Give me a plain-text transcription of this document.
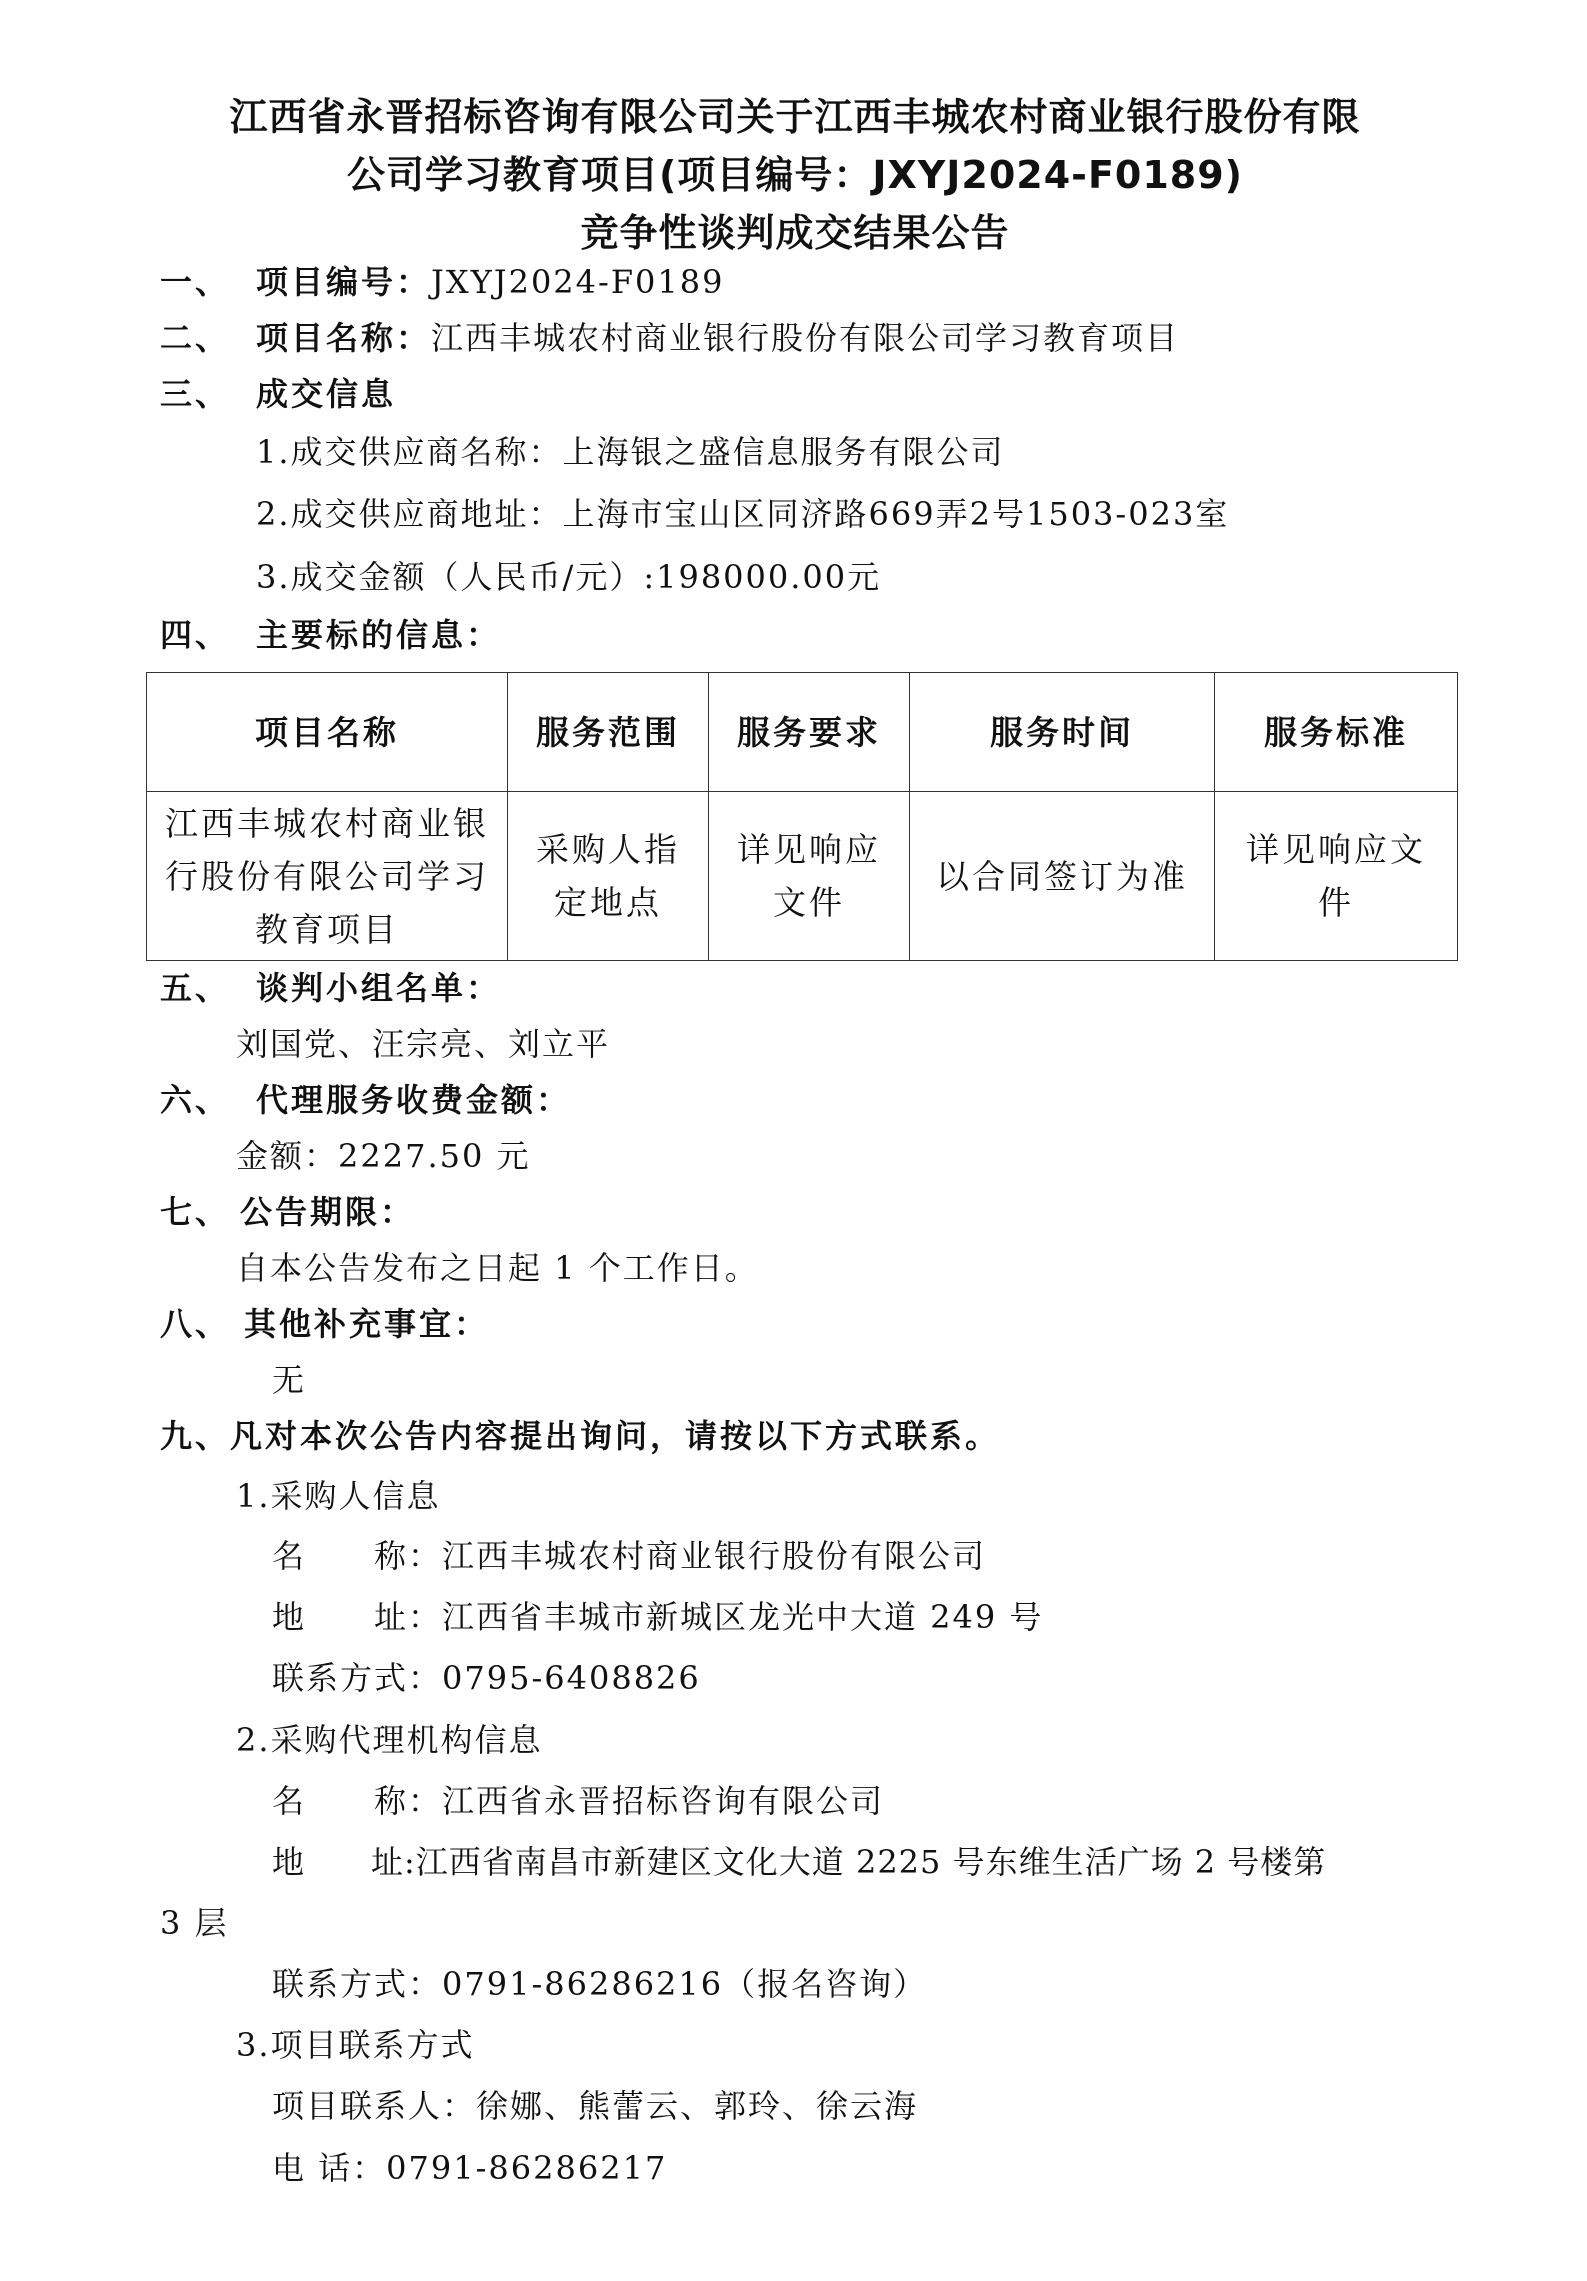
江西省永晋招标咨询有限公司关于江西丰城农村商业银行股份有限
公司学习教育项目(项目编号：JXYJ2024-F0189)
竞争性谈判成交结果公告
一、 项目编号：JXYJ2024-F0189
二、 项目名称：江西丰城农村商业银行股份有限公司学习教育项目
三、 成交信息
1.成交供应商名称：上海银之盛信息服务有限公司
2.成交供应商地址：上海市宝山区同济路669弄2号1503-023室
3.成交金额（人民币/元）:198000.00元
四、 主要标的信息：
项目名称	服务范围	服务要求	服务时间	服务标准
江西丰城农村商业银行股份有限公司学习教育项目	采购人指定地点	详见响应文件	以合同签订为准	详见响应文件
五、 谈判小组名单：
刘国党、汪宗亮、刘立平
六、 代理服务收费金额：
金额：2227.50 元
七、 公告期限：
自本公告发布之日起 1 个工作日。
八、 其他补充事宜：
无
九、凡对本次公告内容提出询问，请按以下方式联系。
1.采购人信息
名　　称：江西丰城农村商业银行股份有限公司
地　　址：江西省丰城市新城区龙光中大道 249 号
联系方式：0795-6408826
2.采购代理机构信息
名　　称：江西省永晋招标咨询有限公司
地　　址:江西省南昌市新建区文化大道 2225 号东维生活广场 2 号楼第
3 层
联系方式：0791-86286216（报名咨询）
3.项目联系方式
项目联系人：徐娜、熊蕾云、郭玲、徐云海
电 话：0791-86286217
